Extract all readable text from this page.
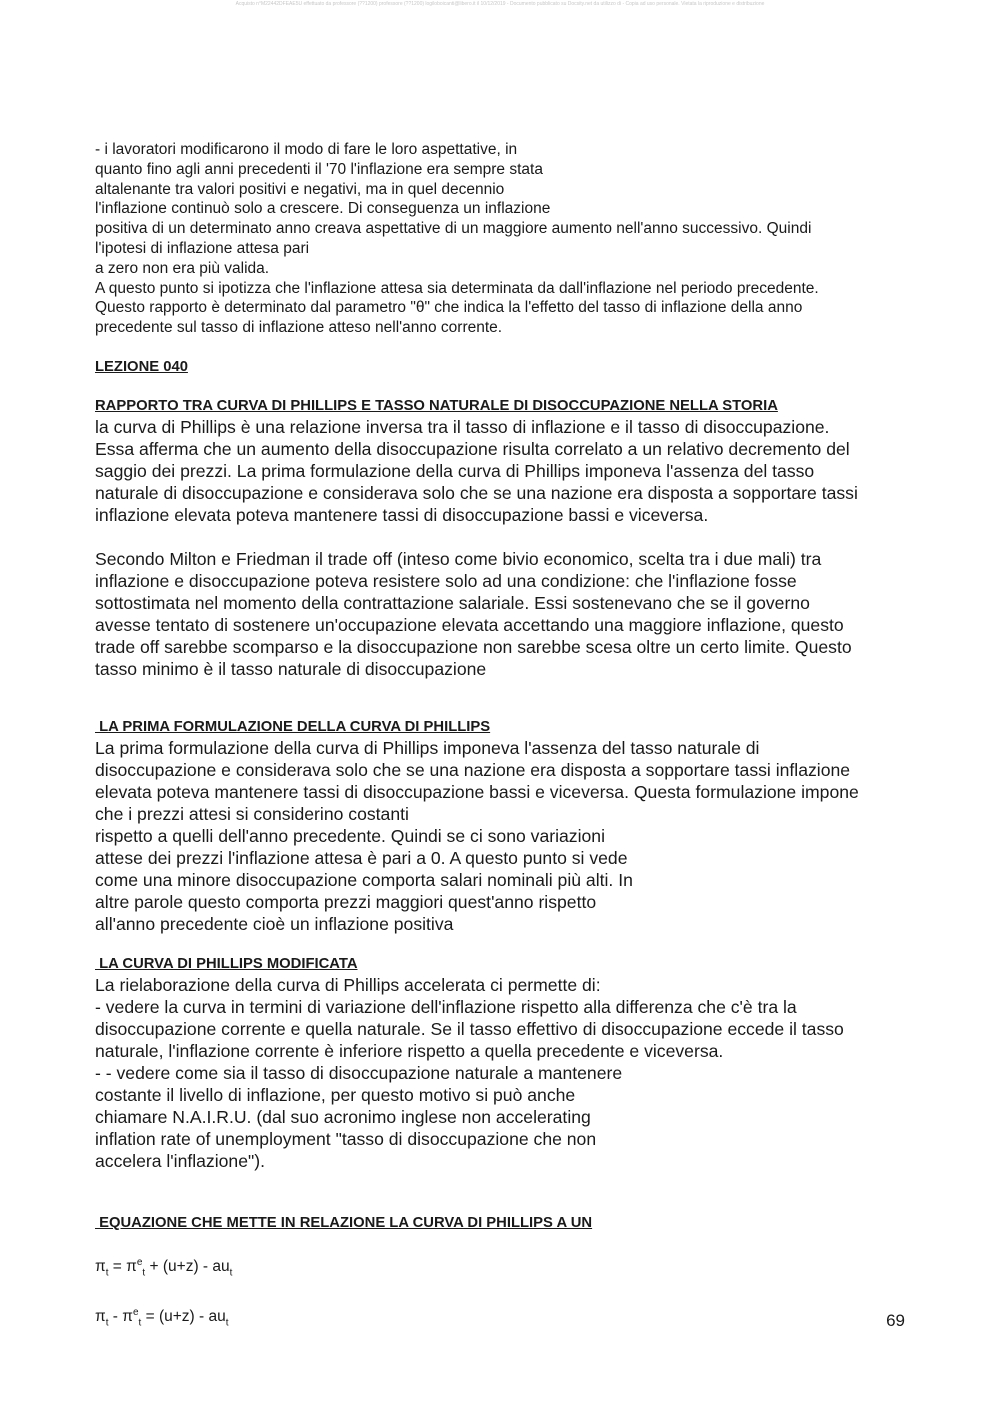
Acquisto n°M22442DFEAE5U effettuato da professore (??1200) professore (??1200) logiloboicanti@libero.it il 10/12/2019 - Documento pubblicato su Docsity.net da utilizzo di - Copia ad uso personale. Vietata la riproduzione e distribuzione
- i lavoratori modificarono il modo di fare le loro aspettative, in
quanto fino agli anni precedenti il '70 l'inflazione era sempre stata
altalenante tra valori positivi e negativi, ma in quel decennio
l'inflazione continuò solo a crescere. Di conseguenza un inflazione
positiva di un determinato anno creava aspettative di un maggiore aumento nell'anno successivo. Quindi
l'ipotesi di inflazione attesa pari
a zero non era più valida.
A questo punto si ipotizza che l'inflazione attesa sia determinata da dall'inflazione nel periodo precedente.
Questo rapporto è determinato dal parametro "θ" che indica la l'effetto del tasso di inflazione della anno
precedente sul tasso di inflazione atteso nell'anno corrente.

LEZIONE 040

RAPPORTO TRA CURVA DI PHILLIPS E TASSO NATURALE DI DISOCCUPAZIONE NELLA STORIA

la curva di Phillips è una relazione inversa tra il tasso di inflazione e il tasso di disoccupazione.
Essa afferma che un aumento della disoccupazione risulta correlato a un relativo decremento del
saggio dei prezzi. La prima formulazione della curva di Phillips imponeva l'assenza del tasso
naturale di disoccupazione e considerava solo che se una nazione era disposta a sopportare tassi
inflazione elevata poteva mantenere tassi di disoccupazione bassi e viceversa.
Secondo Milton e Friedman il trade off (inteso come bivio economico, scelta tra i due mali) tra
inflazione e disoccupazione poteva resistere solo ad una condizione: che l'inflazione fosse
sottostimata nel momento della contrattazione salariale. Essi sostenevano che se il governo
avesse tentato di sostenere un'occupazione elevata accettando una maggiore inflazione, questo
trade off sarebbe scomparso e la disoccupazione non sarebbe scesa oltre un certo limite. Questo
tasso minimo è il tasso naturale di disoccupazione

LA PRIMA FORMULAZIONE DELLA CURVA DI PHILLIPS

La prima formulazione della curva di Phillips imponeva l'assenza del tasso naturale di
disoccupazione e considerava solo che se una nazione era disposta a sopportare tassi inflazione
elevata poteva mantenere tassi di disoccupazione bassi e viceversa. Questa formulazione impone
che i prezzi attesi si considerino costanti
rispetto a quelli dell'anno precedente. Quindi se ci sono variazioni
attese dei prezzi l'inflazione attesa è pari a 0. A questo punto si vede
come una minore disoccupazione comporta salari nominali più alti. In
altre parole questo comporta prezzi maggiori quest'anno rispetto
all'anno precedente cioè un inflazione positiva

LA CURVA DI PHILLIPS MODIFICATA

La rielaborazione della curva di Phillips accelerata ci permette di:
- vedere la curva in termini di variazione dell'inflazione rispetto alla differenza che c'è tra la
disoccupazione corrente e quella naturale. Se il tasso effettivo di disoccupazione eccede il tasso
naturale, l'inflazione corrente è inferiore rispetto a quella precedente e viceversa.
- - vedere come sia il tasso di disoccupazione naturale a mantenere
costante il livello di inflazione, per questo motivo si può anche
chiamare N.A.I.R.U. (dal suo acronimo inglese non accelerating
inflation rate of unemployment "tasso di disoccupazione che non
accelera l'inflazione").

EQUAZIONE CHE METTE IN RELAZIONE LA CURVA DI PHILLIPS A UN

$\pi_t = \pi^e_t + (u+z) - au_t$

$\pi_t - \pi^e_t = (u+z) - au_t$	69
